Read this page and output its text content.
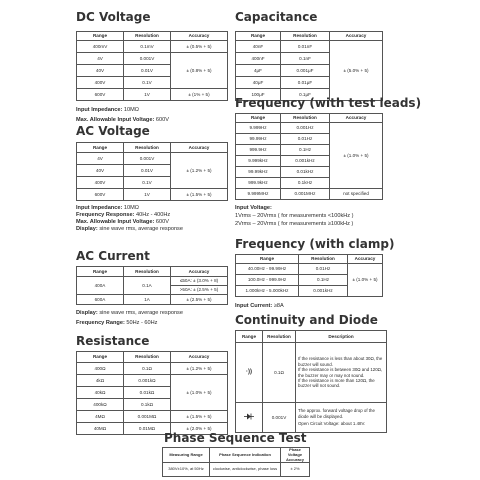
DC Voltage
Range	Resolution	Accuracy
400mV	0.1mV	± (0.5% + 5)
4V	0.001V	± (0.8% + 5)
40V	0.01V	
400V	0.1V	
600V	1V	± (1% + 5)
Input Impedance: 10MΩ
Max. Allowable Input Voltage: 600V
AC Voltage
Range	Resolution	Accuracy
4V	0.001V	± (1.2% + 5)
40V	0.01V	
400V	0.1V	
600V	1V	± (1.5% + 5)
Input Impedance: 10MΩ
Frequency Response: 40Hz - 400Hz
Max. Allowable Input Voltage: 600V
Display: sine wave rms, average response
AC Current
Range	Resolution	Accuracy
400A	0.1A	≤50A: ± (3.0% + 8)
		>50A: ± (2.5% + 5)
600A	1A	± (2.5% + 5)
Display: sine wave rms, average response
Frequency Range: 50Hz - 60Hz
Resistance
Range	Resolution	Accuracy
400Ω	0.1Ω	± (1.2% + 5)
4kΩ	0.001kΩ	± (1.0% + 5)
40kΩ	0.01kΩ	
400kΩ	0.1kΩ	
4MΩ	0.001MΩ	± (1.5% + 5)
40MΩ	0.01MΩ	± (2.0% + 5)
Capacitance
Range	Resolution	Accuracy
40nF	0.01nF	± (5.0% + 5)
400nF	0.1nF	
4μF	0.001μF	
40μF	0.01μF	
100μF	0.1μF	
Frequency (with test leads)
Range	Resolution	Accuracy
9.999Hz	0.001Hz	± (1.0% + 5)
99.99Hz	0.01Hz	
999.9Hz	0.1Hz	
9.999kHz	0.001kHz	
99.99kHz	0.01kHz	
999.9kHz	0.1kHz	
9.999MHz	0.001MHz	not specified
Input Voltage:
1Vrms – 20Vrms ( for measurements <100kHz )
2Vrms – 20Vrms ( for measurements ≥100kHz )
Frequency (with clamp)
Range	Resolution	Accuracy
40.00Hz - 99.99Hz	0.01Hz	± (1.0% + 5)
100.0Hz - 999.9Hz	0.1Hz	
1.000kHz - 5.000kHz	0.001kHz	
Input Current: ≥8A
Continuity and Diode
Range	Resolution	Description
·))	0.1Ω	If the resistance is less than about 30Ω, the buzzer will sound.
If the resistance is between 30Ω and 120Ω, the buzzer may or may not sound.
If the resistance is more than 120Ω, the buzzer will not sound.

	0.001V	The approx. forward voltage drop of the diode will be displayed.
Open Circuit Voltage: about 1.48V.
Phase Sequence Test
Measuring Range	Phase Sequence Indication	Phase Voltage Accuracy
380V±10%, at 50Hz	clockwise, anticlockwise, phase loss	± 2%
